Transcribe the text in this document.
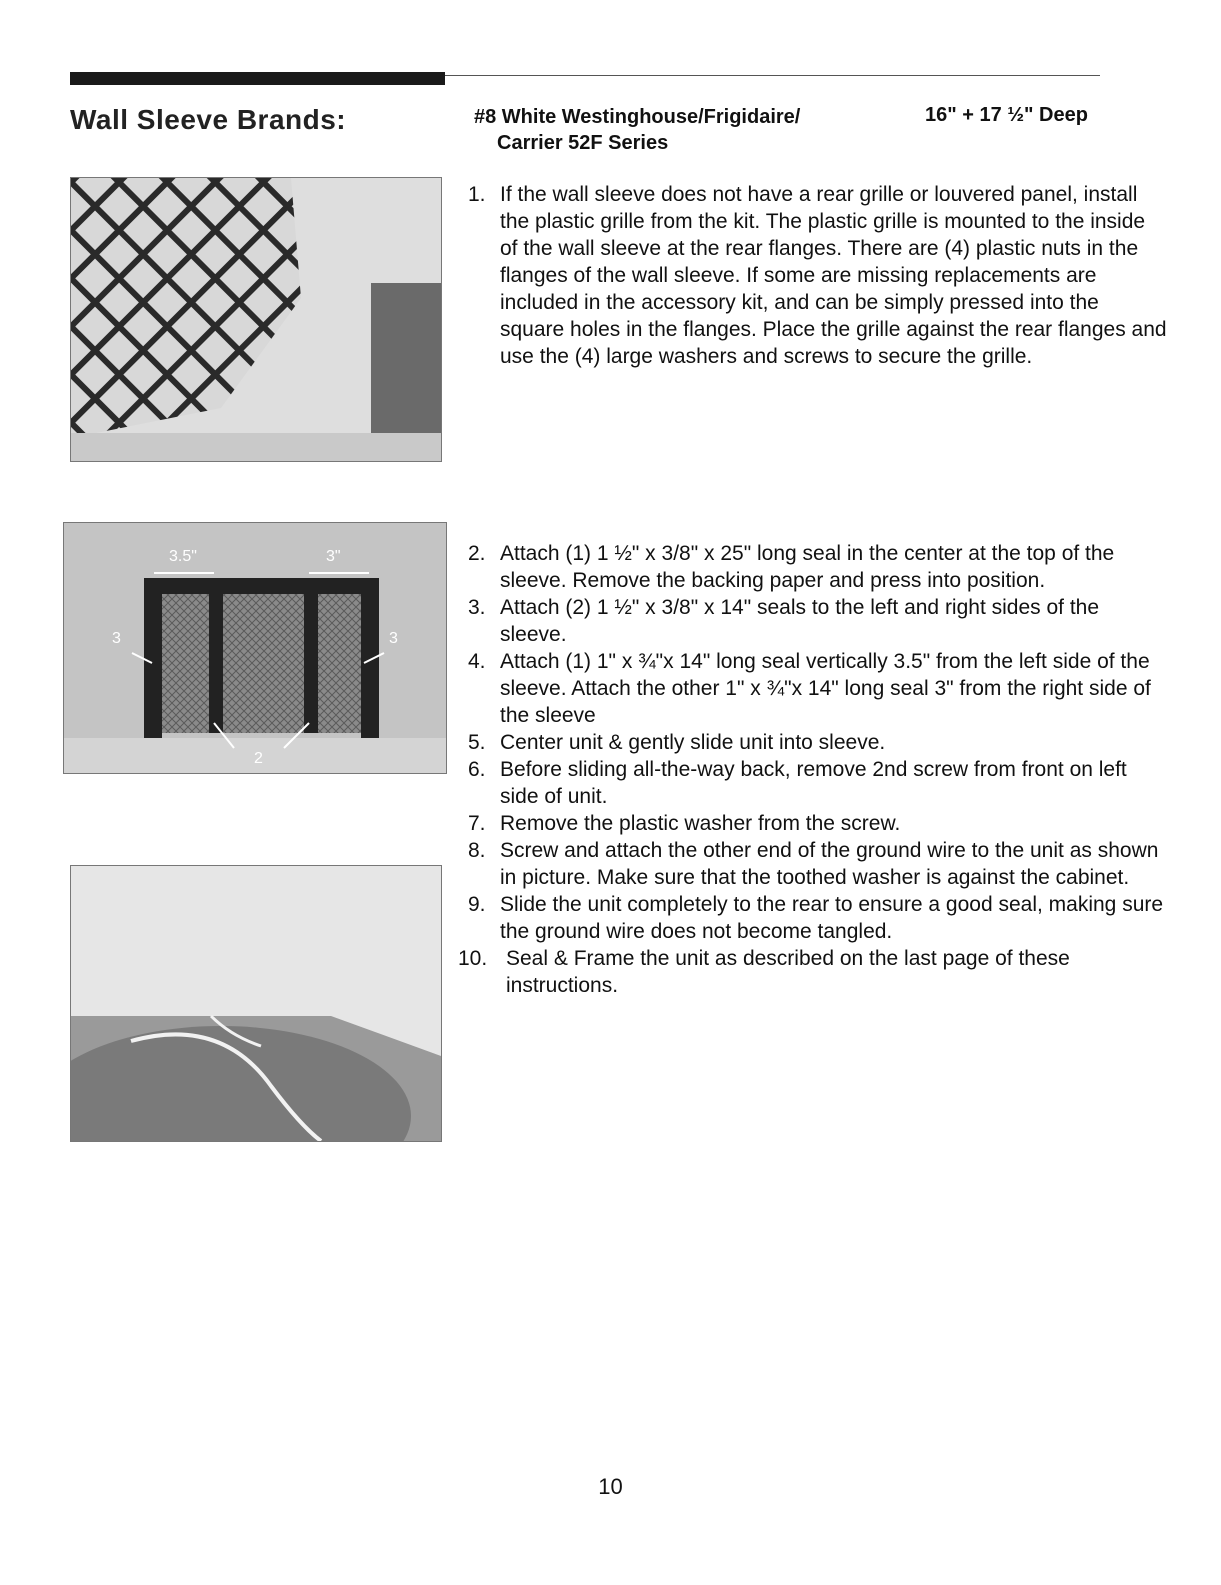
Wall Sleeve Brands:	#8 White Westinghouse/Frigidaire/
Carrier 52F Series
16" + 17 ½" Deep
3.5"	3"
3	3
2
1. If the wall sleeve does not have a rear grille or louvered panel, install the plastic grille from the kit. The plastic grille is mounted to the inside of the wall sleeve at the rear flanges. There are (4) plastic nuts in the flanges of the wall sleeve. If some are missing replacements are included in the accessory kit, and can be simply pressed into the square holes in the flanges. Place the grille against the rear flanges and use the (4) large washers and screws to secure the grille.
2. Attach (1) 1 ½" x 3/8" x 25" long seal in the center at the top of the sleeve. Remove the backing paper and press into position.
3. Attach (2) 1 ½" x 3/8" x 14" seals to the left and right sides of the sleeve.
4. Attach (1) 1" x ¾"x 14" long seal vertically 3.5" from the left side of the sleeve. Attach the other 1" x ¾"x 14" long seal 3" from the right side of the sleeve
5. Center unit & gently slide unit into sleeve.
6. Before sliding all-the-way back, remove 2nd screw from front on left side of unit.
7. Remove the plastic washer from the screw.
8. Screw and attach the other end of the ground wire to the unit as shown in picture. Make sure that the toothed washer is against the cabinet.
9. Slide the unit completely to the rear to ensure a good seal, making sure the ground wire does not become tangled.
10. Seal & Frame the unit as described on the last page of these instructions.
10
